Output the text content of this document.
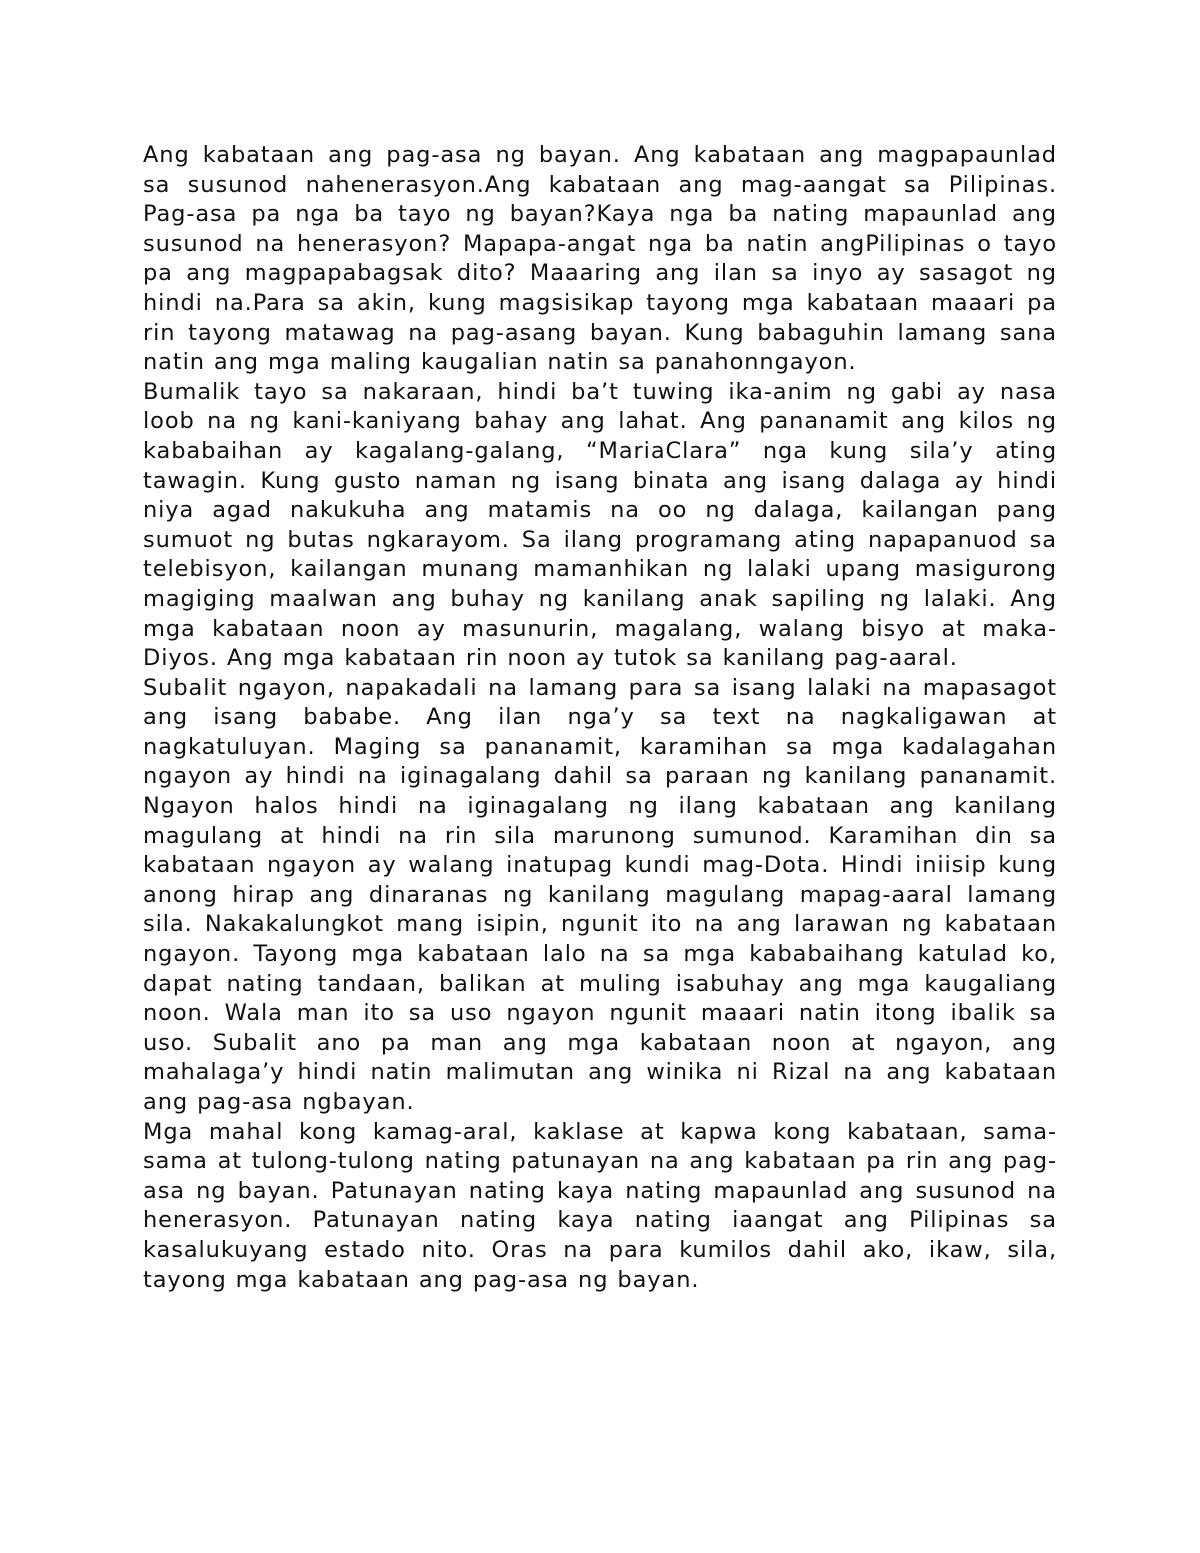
Ang kabataan ang pag-asa ng bayan. Ang kabataan ang magpapaunlad sa susunod nahenerasyon.Ang kabataan ang mag-aangat sa Pilipinas. Pag-asa pa nga ba tayo ng bayan?Kaya nga ba nating mapaunlad ang susunod na henerasyon? Mapapa-angat nga ba natin angPilipinas o tayo pa ang magpapabagsak dito? Maaaring ang ilan sa inyo ay sasagot ng hindi na.Para sa akin, kung magsisikap tayong mga kabataan maaari pa rin tayong matawag na pag-asang bayan. Kung babaguhin lamang sana natin ang mga maling kaugalian natin sa panahonngayon.

Bumalik tayo sa nakaraan, hindi ba’t tuwing ika-anim ng gabi ay nasa loob na ng kani-kaniyang bahay ang lahat. Ang pananamit ang kilos ng kababaihan ay kagalang-galang, “MariaClara” nga kung sila’y ating tawagin. Kung gusto naman ng isang binata ang isang dalaga ay hindi niya agad nakukuha ang matamis na oo ng dalaga, kailangan pang sumuot ng butas ngkarayom. Sa ilang programang ating napapanuod sa telebisyon, kailangan munang mamanhikan ng lalaki upang masigurong magiging maalwan ang buhay ng kanilang anak sapiling ng lalaki. Ang mga kabataan noon ay masunurin, magalang, walang bisyo at maka-Diyos. Ang mga kabataan rin noon ay tutok sa kanilang pag-aaral.

Subalit ngayon, napakadali na lamang para sa isang lalaki na mapasagot ang isang bababe. Ang ilan nga’y sa text na nagkaligawan at nagkatuluyan. Maging sa pananamit, karamihan sa mga kadalagahan ngayon ay hindi na iginagalang dahil sa paraan ng kanilang pananamit. Ngayon halos hindi na iginagalang ng ilang kabataan ang kanilang magulang at hindi na rin sila marunong sumunod. Karamihan din sa kabataan ngayon ay walang inatupag kundi mag-Dota. Hindi iniisip kung anong hirap ang dinaranas ng kanilang magulang mapag-aaral lamang sila. Nakakalungkot mang isipin, ngunit ito na ang larawan ng kabataan ngayon. Tayong mga kabataan lalo na sa mga kababaihang katulad ko, dapat nating tandaan, balikan at muling isabuhay ang mga kaugaliang noon. Wala man ito sa uso ngayon ngunit maaari natin itong ibalik sa uso. Subalit ano pa man ang mga kabataan noon at ngayon, ang mahalaga’y hindi natin malimutan ang winika ni Rizal na ang kabataan ang pag-asa ngbayan.

Mga mahal kong kamag-aral, kaklase at kapwa kong kabataan, sama-sama at tulong-tulong nating patunayan na ang kabataan pa rin ang pag-asa ng bayan. Patunayan nating kaya nating mapaunlad ang susunod na henerasyon. Patunayan nating kaya nating iaangat ang Pilipinas sa kasalukuyang estado nito. Oras na para kumilos dahil ako, ikaw, sila, tayong mga kabataan ang pag-asa ng bayan.
